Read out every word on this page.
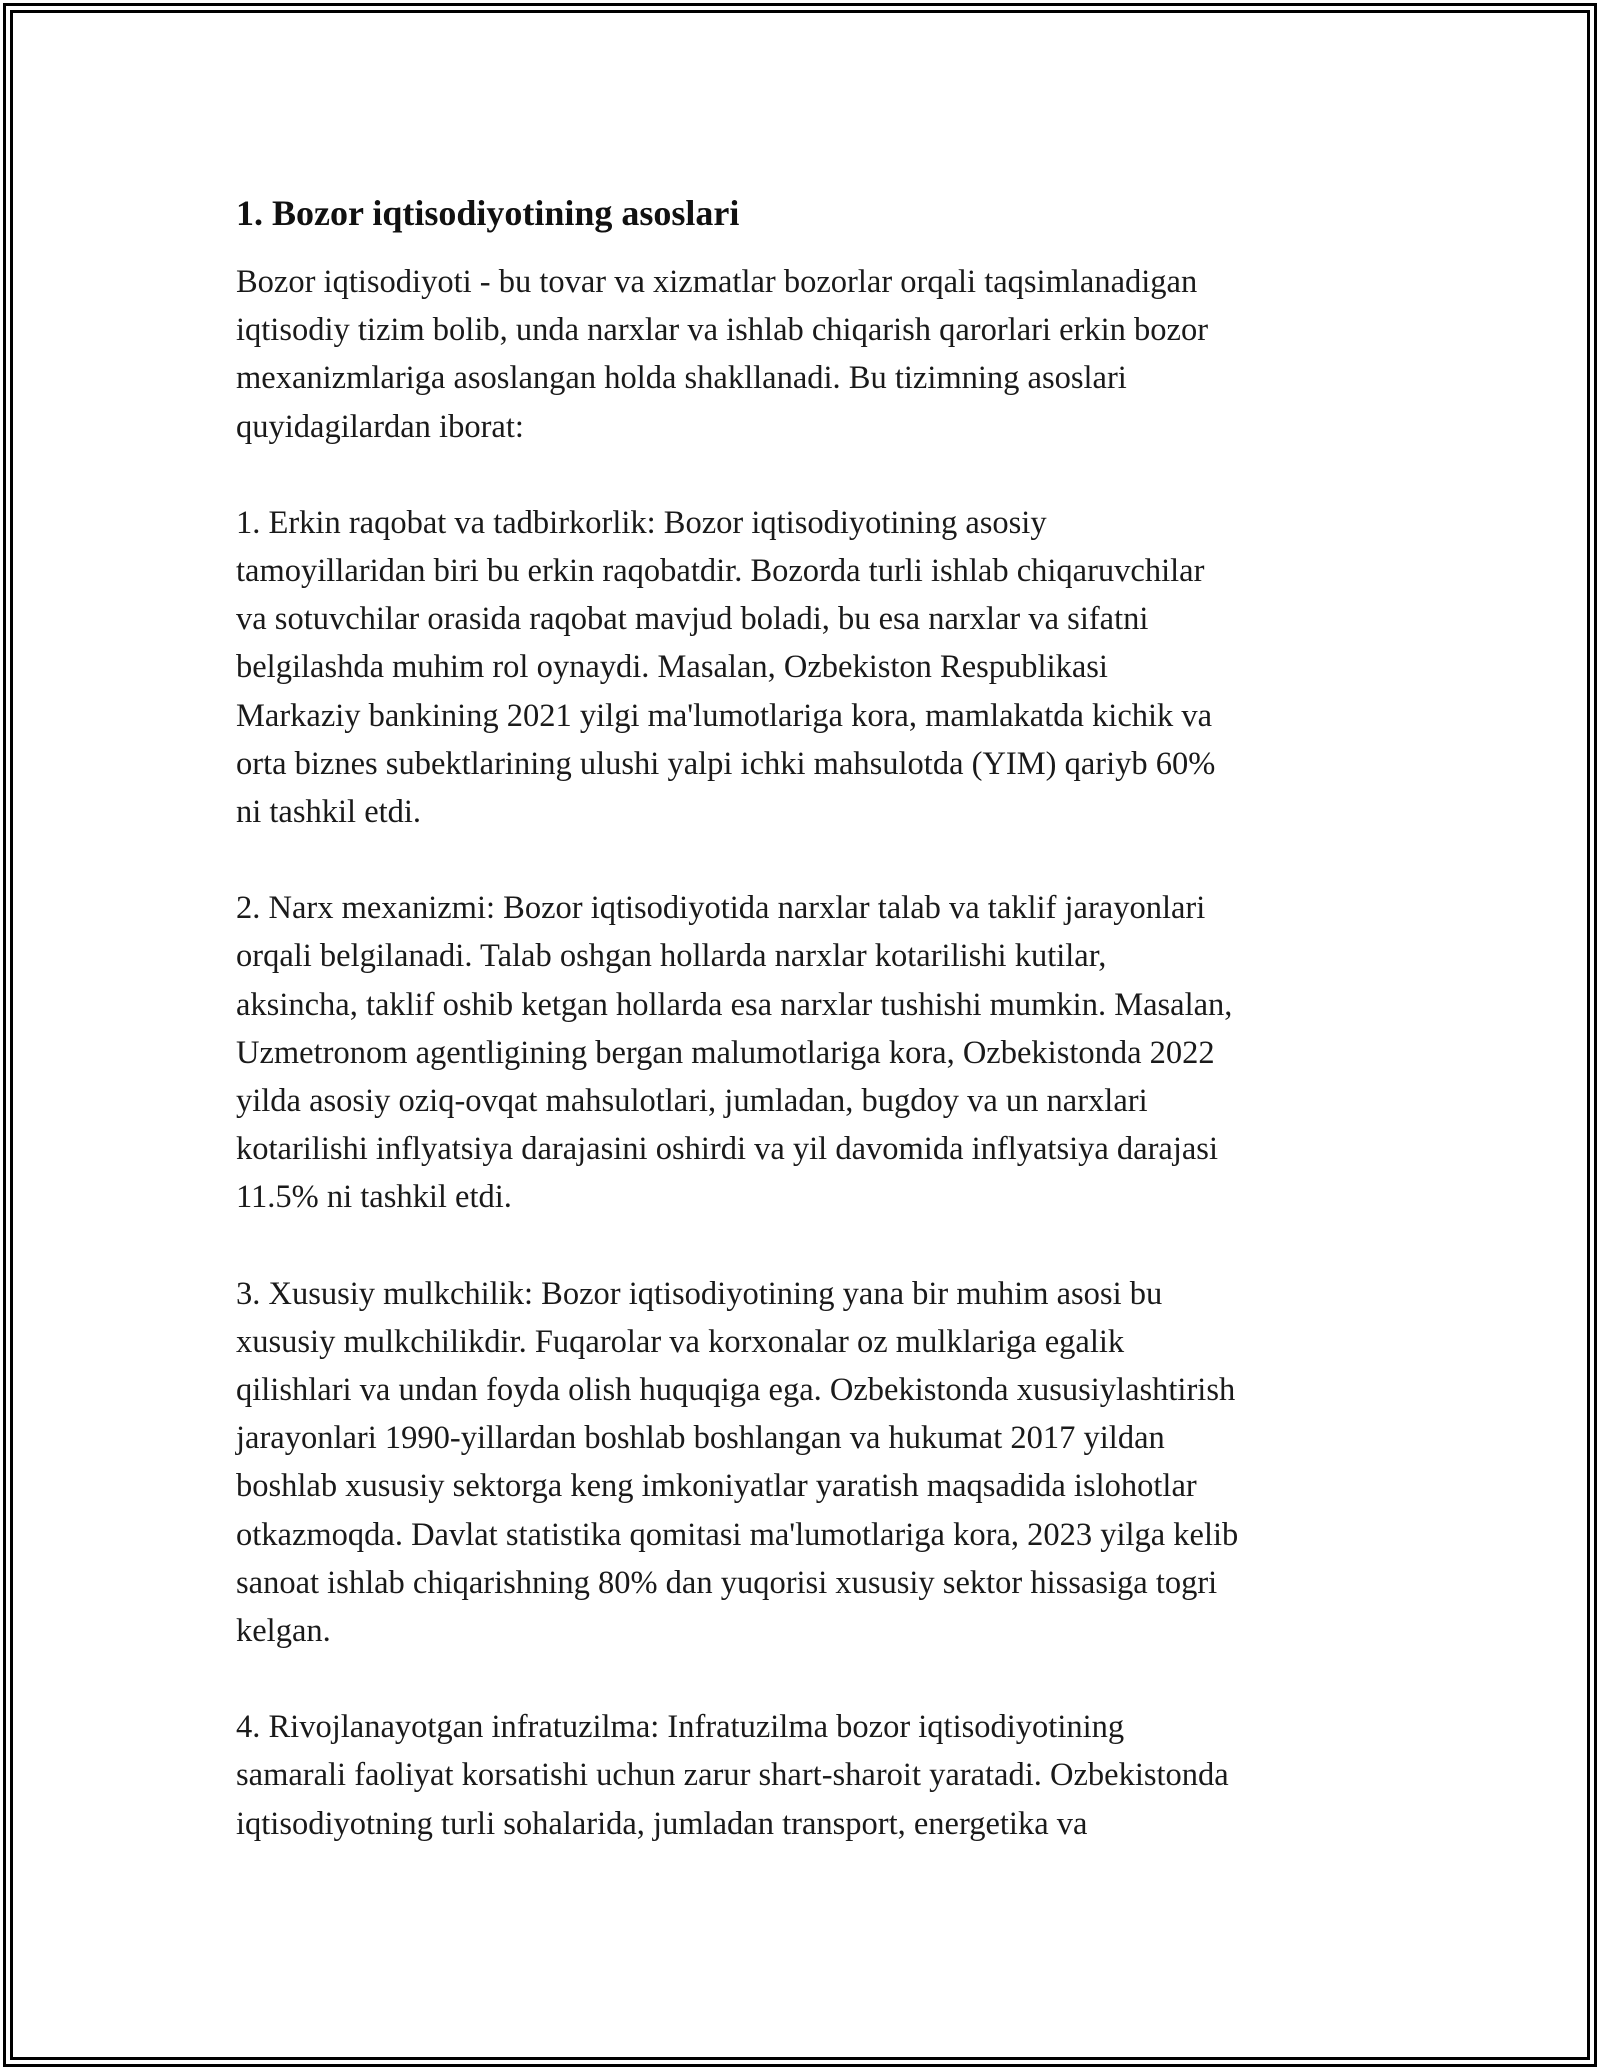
1. Bozor iqtisodiyotining asoslari

Bozor iqtisodiyoti - bu tovar va xizmatlar bozorlar orqali taqsimlanadigan
iqtisodiy tizim bolib, unda narxlar va ishlab chiqarish qarorlari erkin bozor
mexanizmlariga asoslangan holda shakllanadi. Bu tizimning asoslari
quyidagilardan iborat:

1. Erkin raqobat va tadbirkorlik: Bozor iqtisodiyotining asosiy
tamoyillaridan biri bu erkin raqobatdir. Bozorda turli ishlab chiqaruvchilar
va sotuvchilar orasida raqobat mavjud boladi, bu esa narxlar va sifatni
belgilashda muhim rol oynaydi. Masalan, Ozbekiston Respublikasi
Markaziy bankining 2021 yilgi ma'lumotlariga kora, mamlakatda kichik va
orta biznes subektlarining ulushi yalpi ichki mahsulotda (YIM) qariyb 60%
ni tashkil etdi.

2. Narx mexanizmi: Bozor iqtisodiyotida narxlar talab va taklif jarayonlari
orqali belgilanadi. Talab oshgan hollarda narxlar kotarilishi kutilar,
aksincha, taklif oshib ketgan hollarda esa narxlar tushishi mumkin. Masalan,
Uzmetronom agentligining bergan malumotlariga kora, Ozbekistonda 2022
yilda asosiy oziq-ovqat mahsulotlari, jumladan, bugdoy va un narxlari
kotarilishi inflyatsiya darajasini oshirdi va yil davomida inflyatsiya darajasi
11.5% ni tashkil etdi.

3. Xususiy mulkchilik: Bozor iqtisodiyotining yana bir muhim asosi bu
xususiy mulkchilikdir. Fuqarolar va korxonalar oz mulklariga egalik
qilishlari va undan foyda olish huquqiga ega. Ozbekistonda xususiylashtirish
jarayonlari 1990-yillardan boshlab boshlangan va hukumat 2017 yildan
boshlab xususiy sektorga keng imkoniyatlar yaratish maqsadida islohotlar
otkazmoqda. Davlat statistika qomitasi ma'lumotlariga kora, 2023 yilga kelib
sanoat ishlab chiqarishning 80% dan yuqorisi xususiy sektor hissasiga togri
kelgan.

4. Rivojlanayotgan infratuzilma: Infratuzilma bozor iqtisodiyotining
samarali faoliyat korsatishi uchun zarur shart-sharoit yaratadi. Ozbekistonda
iqtisodiyotning turli sohalarida, jumladan transport, energetika va
